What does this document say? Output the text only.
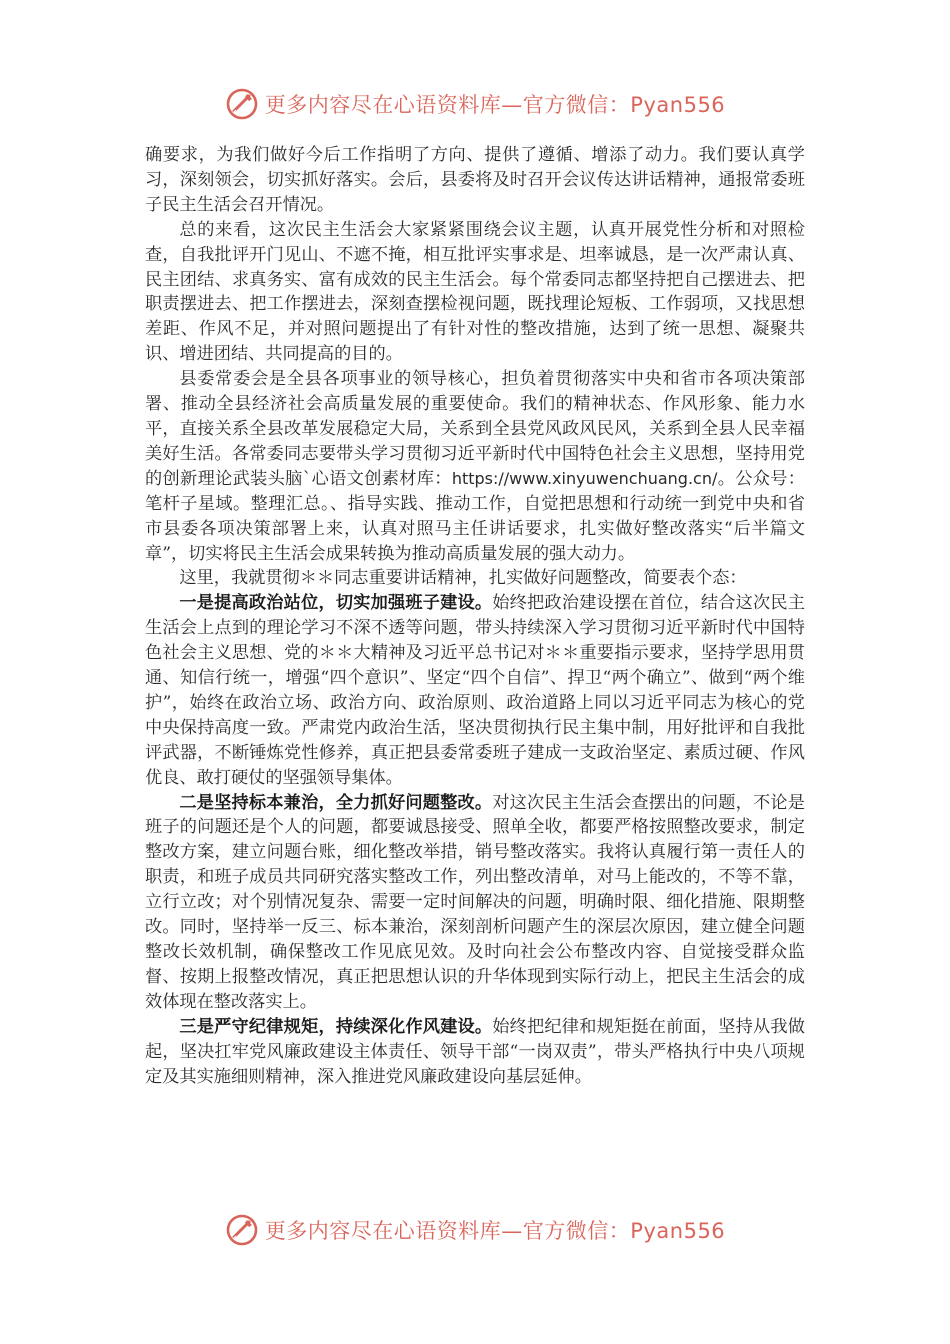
更多内容尽在心语资料库—官方微信：Pyan556

确要求，为我们做好今后工作指明了方向、提供了遵循、增添了动力。我们要认真学习，深刻领会，切实抓好落实。会后，县委将及时召开会议传达讲话精神，通报常委班子民主生活会召开情况。

总的来看，这次民主生活会大家紧紧围绕会议主题，认真开展党性分析和对照检查，自我批评开门见山、不遮不掩，相互批评实事求是、坦率诚恳，是一次严肃认真、民主团结、求真务实、富有成效的民主生活会。每个常委同志都坚持把自己摆进去、把职责摆进去、把工作摆进去，深刻查摆检视问题，既找理论短板、工作弱项，又找思想差距、作风不足，并对照问题提出了有针对性的整改措施，达到了统一思想、凝聚共识、增进团结、共同提高的目的。

县委常委会是全县各项事业的领导核心，担负着贯彻落实中央和省市各项决策部署、推动全县经济社会高质量发展的重要使命。我们的精神状态、作风形象、能力水平，直接关系全县改革发展稳定大局，关系到全县党风政风民风，关系到全县人民幸福美好生活。各常委同志要带头学习贯彻习近平新时代中国特色社会主义思想，坚持用党的创新理论武装头脑`心语文创素材库：https://www.xinyuwenchuang.cn/。公众号：笔杆子星域。整理汇总。、指导实践、推动工作，自觉把思想和行动统一到党中央和省市县委各项决策部署上来，认真对照马主任讲话要求，扎实做好整改落实“后半篇文章”，切实将民主生活会成果转换为推动高质量发展的强大动力。

这里，我就贯彻＊＊同志重要讲话精神，扎实做好问题整改，简要表个态：

一是提高政治站位，切实加强班子建设。始终把政治建设摆在首位，结合这次民主生活会上点到的理论学习不深不透等问题，带头持续深入学习贯彻习近平新时代中国特色社会主义思想、党的＊＊大精神及习近平总书记对＊＊重要指示要求，坚持学思用贯通、知信行统一，增强“四个意识”、坚定“四个自信”、捍卫“两个确立”、做到“两个维护”，始终在政治立场、政治方向、政治原则、政治道路上同以习近平同志为核心的党中央保持高度一致。严肃党内政治生活，坚决贯彻执行民主集中制，用好批评和自我批评武器，不断锤炼党性修养，真正把县委常委班子建成一支政治坚定、素质过硬、作风优良、敢打硬仗的坚强领导集体。

二是坚持标本兼治，全力抓好问题整改。对这次民主生活会查摆出的问题，不论是班子的问题还是个人的问题，都要诚恳接受、照单全收，都要严格按照整改要求，制定整改方案，建立问题台账，细化整改举措，销号整改落实。我将认真履行第一责任人的职责，和班子成员共同研究落实整改工作，列出整改清单，对马上能改的，不等不靠，立行立改；对个别情况复杂、需要一定时间解决的问题，明确时限、细化措施、限期整改。同时，坚持举一反三、标本兼治，深刻剖析问题产生的深层次原因，建立健全问题整改长效机制，确保整改工作见底见效。及时向社会公布整改内容、自觉接受群众监督、按期上报整改情况，真正把思想认识的升华体现到实际行动上，把民主生活会的成效体现在整改落实上。

三是严守纪律规矩，持续深化作风建设。始终把纪律和规矩挺在前面，坚持从我做起，坚决扛牢党风廉政建设主体责任、领导干部“一岗双责”，带头严格执行中央八项规定及其实施细则精神，深入推进党风廉政建设向基层延伸。

更多内容尽在心语资料库—官方微信：Pyan556
